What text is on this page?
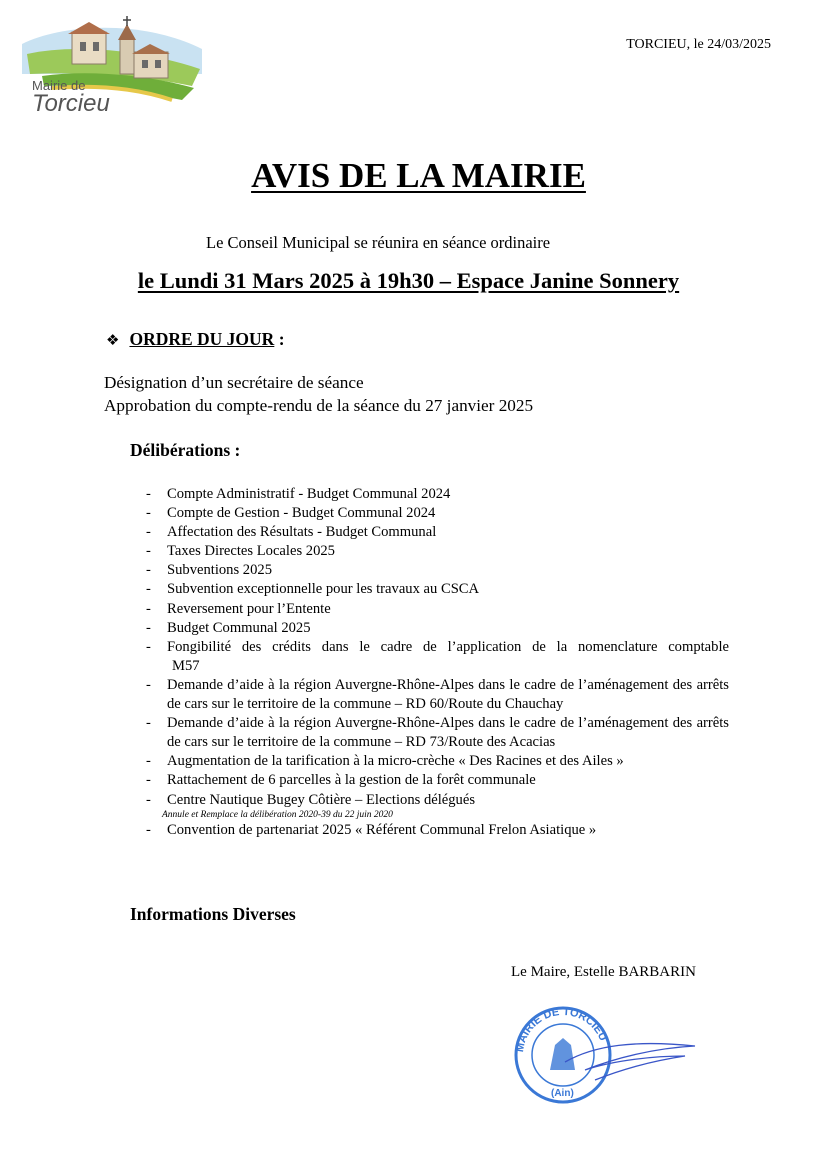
Mairie de
Torcieu
TORCIEU, le 24/03/2025
AVIS DE LA MAIRIE
Le Conseil Municipal se réunira en séance ordinaire
le Lundi 31 Mars 2025 à 19h30 – Espace Janine Sonnery
❖ ORDRE DU JOUR :
Désignation d’un secrétaire de séance
Approbation du compte-rendu de la séance du 27 janvier 2025
Délibérations :
- Compte Administratif - Budget Communal 2024
- Compte de Gestion - Budget Communal 2024
- Affectation des Résultats - Budget Communal
- Taxes Directes Locales 2025
- Subventions 2025
- Subvention exceptionnelle pour les travaux au CSCA
- Reversement pour l’Entente
- Budget Communal 2025
- Fongibilité des crédits dans le cadre de l’application de la nomenclature comptable
M57
- Demande d’aide à la région Auvergne-Rhône-Alpes dans le cadre de l’aménagement des arrêts de cars sur le territoire de la commune – RD 60/Route du Chauchay
- Demande d’aide à la région Auvergne-Rhône-Alpes dans le cadre de l’aménagement des arrêts de cars sur le territoire de la commune – RD 73/Route des Acacias
- Augmentation de la tarification à la micro-crèche « Des Racines et des Ailes »
- Rattachement de 6 parcelles à la gestion de la forêt communale
- Centre Nautique Bugey Côtière – Elections délégués
Annule et Remplace la délibération 2020-39 du 22 juin 2020
- Convention de partenariat 2025 « Référent Communal Frelon Asiatique »
Informations Diverses
Le Maire, Estelle BARBARIN
MAIRIE DE TORCIEU
(Ain)
